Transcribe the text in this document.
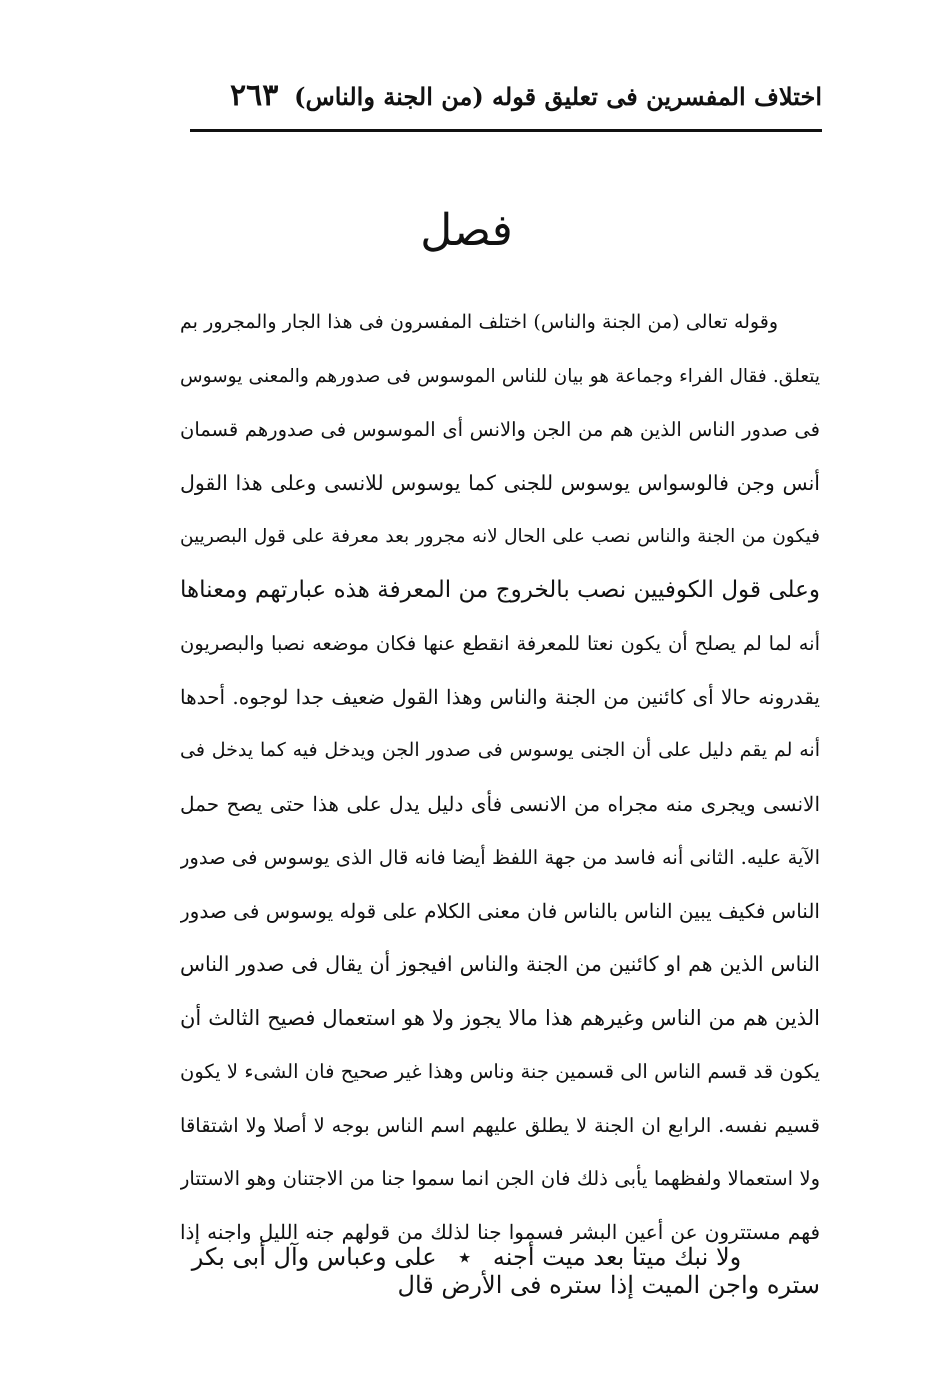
اختلاف المفسرين فى تعليق قوله (من الجنة والناس)
٢٦٣
فصل
وقوله تعالى (من الجنة والناس) اختلف المفسرون فى هذا الجار والمجرور بم
يتعلق. فقال الفراء وجماعة هو بيان للناس الموسوس فى صدورهم والمعنى يوسوس
فى صدور الناس الذين هم من الجن والانس أى الموسوس فى صدورهم قسمان
أنس وجن فالوسواس يوسوس للجنى كما يوسوس للانسى وعلى هذا القول
فيكون من الجنة والناس نصب على الحال لانه مجرور بعد معرفة على قول البصريين
وعلى قول الكوفيين نصب بالخروج من المعرفة هذه عبارتهم ومعناها
أنه لما لم يصلح أن يكون نعتا للمعرفة انقطع عنها فكان موضعه نصبا والبصريون
يقدرونه حالا أى كائنين من الجنة والناس وهذا القول ضعيف جدا لوجوه. أحدها
أنه لم يقم دليل على أن الجنى يوسوس فى صدور الجن ويدخل فيه كما يدخل فى
الانسى ويجرى منه مجراه من الانسى فأى دليل يدل على هذا حتى يصح حمل
الآية عليه. الثانى أنه فاسد من جهة اللفظ أيضا فانه قال الذى يوسوس فى صدور
الناس فكيف يبين الناس بالناس فان معنى الكلام على قوله يوسوس فى صدور
الناس الذين هم او كائنين من الجنة والناس افيجوز أن يقال فى صدور الناس
الذين هم من الناس وغيرهم هذا مالا يجوز ولا هو استعمال فصيح الثالث أن
يكون قد قسم الناس الى قسمين جنة وناس وهذا غير صحيح فان الشىء لا يكون
قسيم نفسه. الرابع ان الجنة لا يطلق عليهم اسم الناس بوجه لا أصلا ولا اشتقاقا
ولا استعمالا ولفظهما يأبى ذلك فان الجن انما سموا جنا من الاجتنان وهو الاستتار
فهم مستترون عن أعين البشر فسموا جنا لذلك من قولهم جنه الليل واجنه إذا
ستره واجن الميت إذا ستره فى الأرض قال
ولا نبك ميتا بعد ميت أجنه ٭ على وعباس وآل أبى بكر
